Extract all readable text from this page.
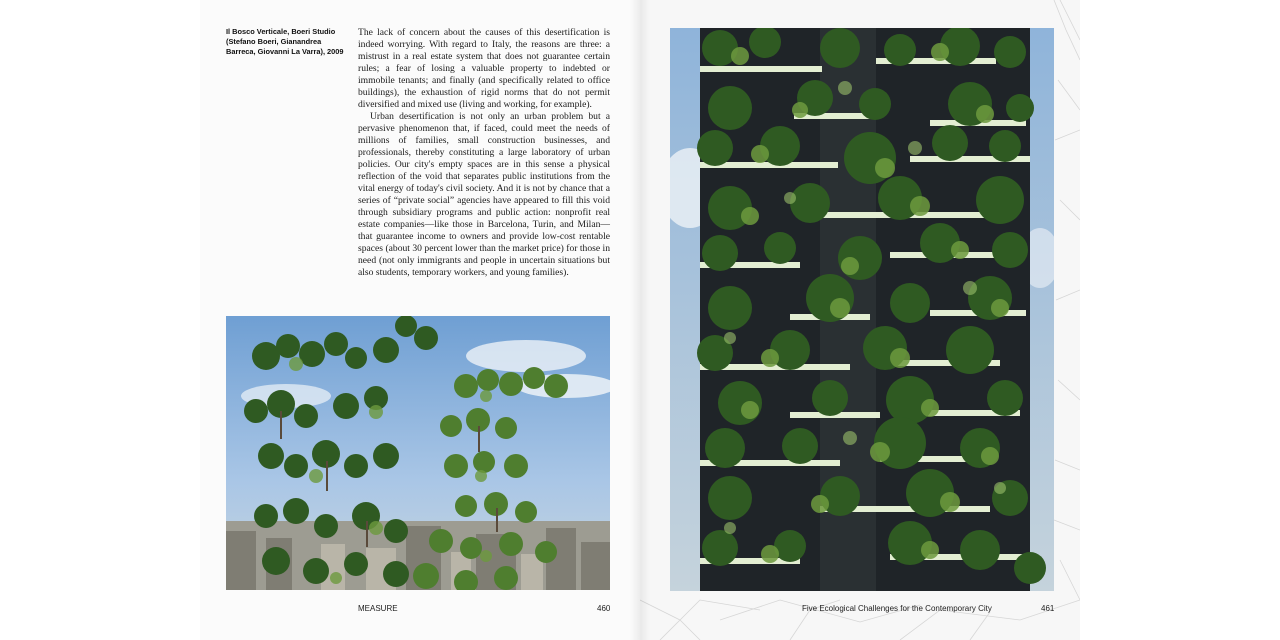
Il Bosco Verticale, Boeri Studio (Stefano Boeri, Gianandrea Barreca, Giovanni La Varra), 2009

The lack of concern about the causes of this desertification is indeed worrying. With regard to Italy, the reasons are three: a mistrust in a real estate system that does not guarantee certain rules; a fear of losing a valuable property to indebted or immobile tenants; and finally (and specifically related to office buildings), the exhaustion of rigid norms that do not permit diversified and mixed use (living and working, for example).

Urban desertification is not only an urban problem but a pervasive phenomenon that, if faced, could meet the needs of millions of families, small construction businesses, and professionals, thereby constituting a large laboratory of urban policies. Our city's empty spaces are in this sense a physical reflection of the void that separates public institutions from the vital energy of today's civil society. And it is not by chance that a series of “private social” agencies have appeared to fill this void through subsidiary programs and public action: nonprofit real estate companies—like those in Barcelona, Turin, and Milan—that guarantee income to owners and provide low-cost rentable spaces (about 30 percent lower than the market price) for those in need (not only immigrants and people in uncertain situations but also students, temporary workers, and young families).

MEASURE	460	Five Ecological Challenges for the Contemporary City	461
